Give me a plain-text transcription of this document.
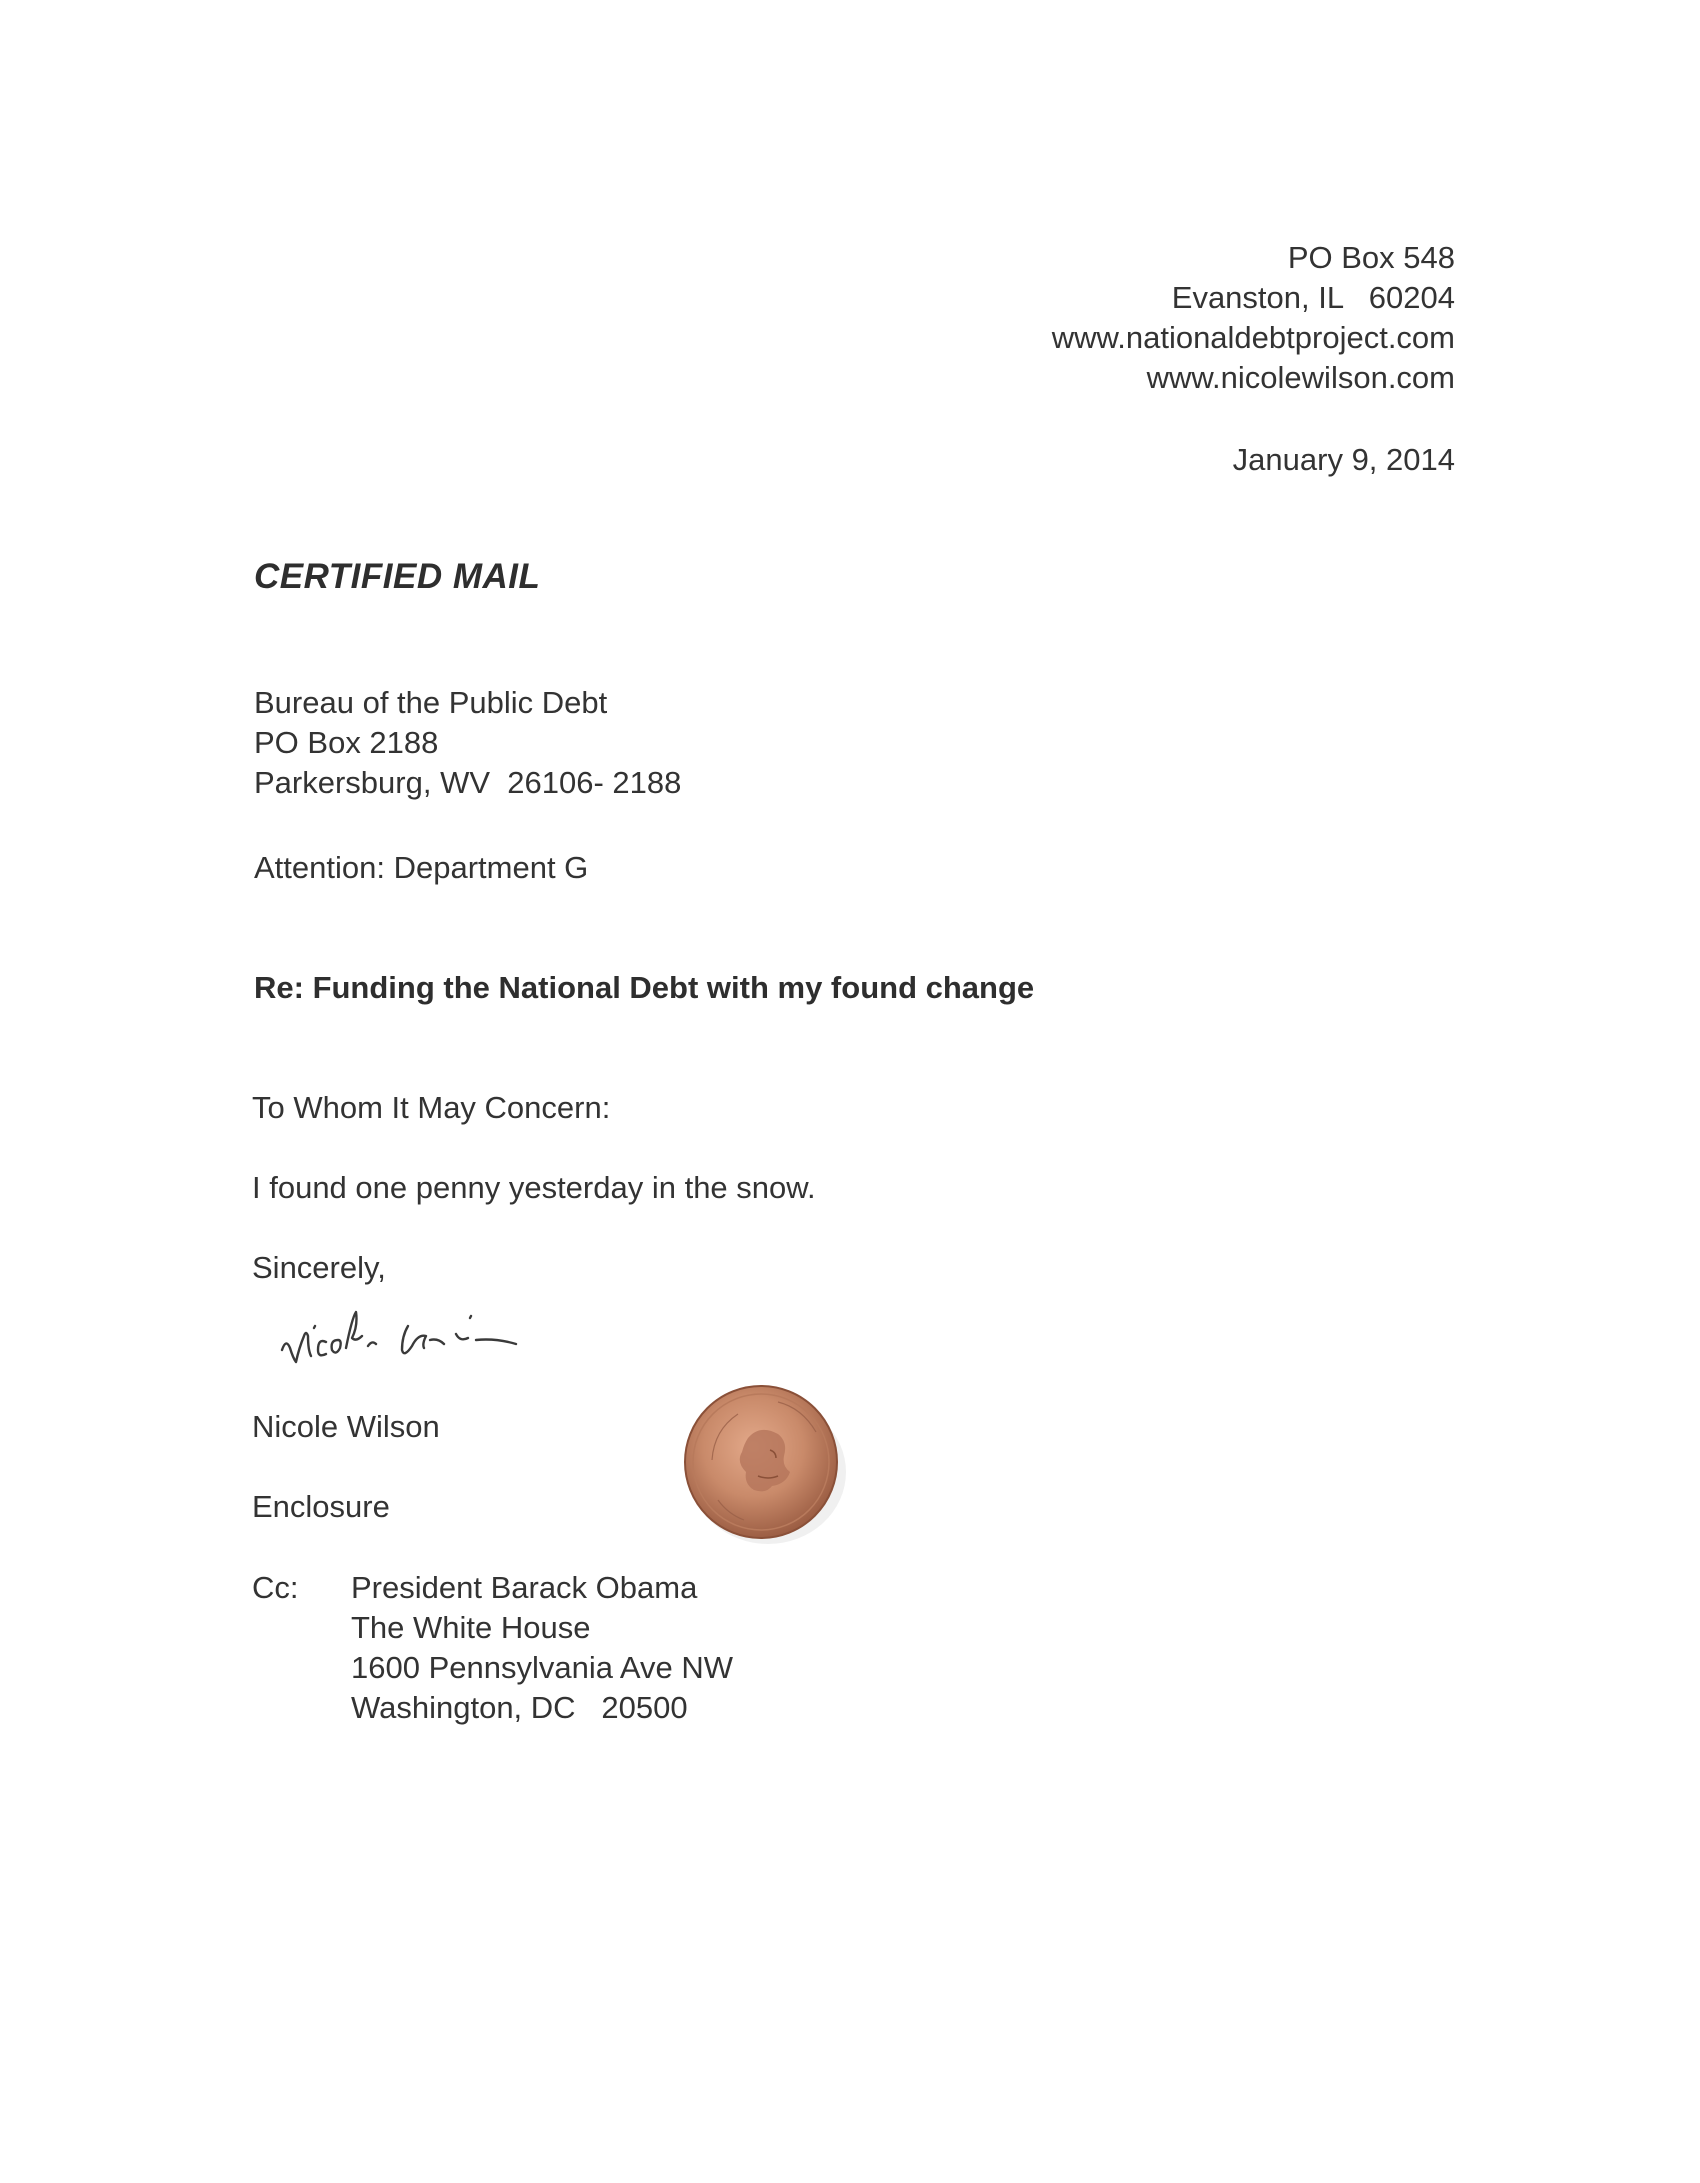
PO Box 548
Evanston, IL   60204
www.nationaldebtproject.com
www.nicolewilson.com
January 9, 2014
CERTIFIED MAIL
Bureau of the Public Debt
PO Box 2188
Parkersburg, WV  26106- 2188
Attention: Department G
Re: Funding the National Debt with my found change
To Whom It May Concern:
I found one penny yesterday in the snow.
Sincerely,
Nicole Wilson
Enclosure
Cc: President Barack Obama
The White House
1600 Pennsylvania Ave NW
Washington, DC   20500
